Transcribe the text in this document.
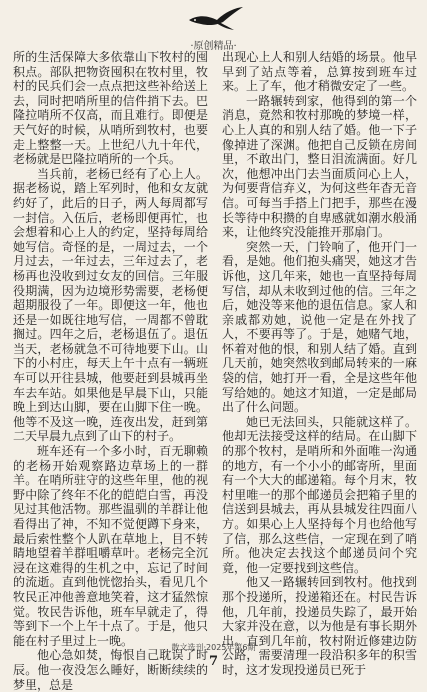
·原创精品·

所的生活保障大多依靠山下牧村的囤积点。部队把物资囤积在牧村里，牧村的民兵们会一点点把这些补给送上去，同时把哨所里的信件捎下去。巴隆拉哨所不仅高，而且难行。即便是天气好的时候，从哨所到牧村，也要走上整整一天。上世纪八九十年代，老杨就是巴隆拉哨所的一个兵。

当兵前，老杨已经有了心上人。据老杨说，踏上军列时，他和女友就约好了，此后的日子，两人每周都写一封信。入伍后，老杨即便再忙，也会想着和心上人的约定，坚持每周给她写信。奇怪的是，一周过去，一个月过去，一年过去，三年过去了，老杨再也没收到过女友的回信。三年服役期满，因为边境形势需要，老杨便超期服役了一年。即便这一年，他也还是一如既往地写信，一周都不曾耽搁过。四年之后，老杨退伍了。退伍当天，老杨就急不可待地要下山。山下的小村庄，每天上午十点有一辆班车可以开往县城，他要赶到县城再坐车去车站。如果他是早晨下山，只能晚上到达山脚，要在山脚下住一晚。他等不及这一晚，连夜出发，赶到第二天早晨九点到了山下的村子。

班车还有一个多小时，百无聊赖的老杨开始观察路边草场上的一群羊。在哨所驻守的这些年里，他的视野中除了终年不化的皑皑白雪，再没见过其他活物。那些温驯的羊群让他看得出了神，不知不觉便蹲下身来，最后索性整个人趴在草地上，目不转睛地望着羊群咀嚼草叶。老杨完全沉浸在这难得的生机之中，忘记了时间的流逝。直到他恍惚抬头，看见几个牧民正冲他善意地笑着，这才猛然惊觉。牧民告诉他，班车早就走了，得等到下一个上午十点了。于是，他只能在村子里过上一晚。

他心急如焚，悔恨自己耽误了时辰。他一夜没怎么睡好，断断续续的梦里，总是

出现心上人和别人结婚的场景。他早早到了站点等着，总算按到班车过来。上了车，他才稍微安定了一些。

一路辗转到家，他得到的第一个消息，竟然和牧村那晚的梦境一样，心上人真的和别人结了婚。他一下子像掉进了深渊。他把自己反锁在房间里，不敢出门，整日泪流满面。好几次，他想冲出门去当面质问心上人，为何要背信弃义，为何这些年杳无音信。可每当手搭上门把手，那些在漫长等待中积攒的自卑感就如潮水般涌来，让他终究没能推开那扇门。

突然一天，门铃响了，他开门一看，是她。他们抱头痛哭，她这才告诉他，这几年来，她也一直坚持每周写信，却从未收到过他的信。三年之后，她没等来他的退伍信息。家人和亲戚都劝她，说他一定是在外找了人，不要再等了。于是，她赌气地，怀着对他的恨，和别人结了婚。直到几天前，她突然收到邮局转来的一麻袋的信，她打开一看，全是这些年他写给她的。她这才知道，一定是邮局出了什么问题。

她已无法回头，只能就这样了。他却无法接受这样的结局。在山脚下的那个牧村，是哨所和外面唯一沟通的地方，有一个小小的邮寄所，里面有一个大大的邮递箱。每个月末，牧村里唯一的那个邮递员会把箱子里的信送到县城去，再从县城发往四面八方。如果心上人坚持每个月也给他写了信，那么这些信，一定现在到了哨所。他决定去找这个邮递员问个究竟，他一定要找到这些信。

他又一路辗转回到牧村。他找到那个投递所，投递箱还在。村民告诉他，几年前，投递员失踪了，最开始大家并没在意，以为他是有事长期外出。直到几年前，牧村附近修建边防公路，需要清理一段沿积多年的积雪时，这才发现投递员已死于

散文选刊·2025年第6期
7
